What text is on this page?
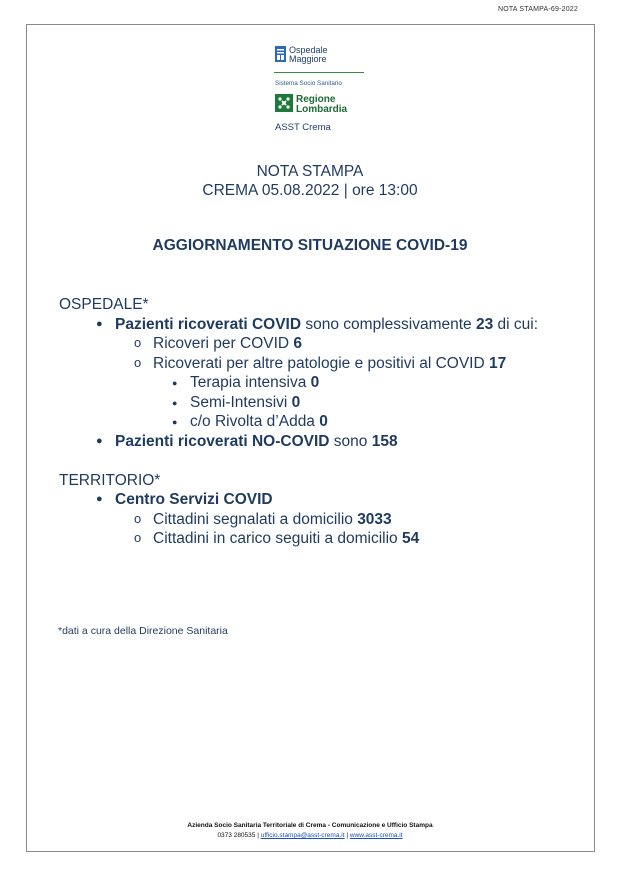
NOTA STAMPA-69-2022
Ospedale
Maggiore
Sistema Socio Sanitario
Regione
Lombardia
ASST Crema
NOTA STAMPA
CREMA 05.08.2022 | ore 13:00
AGGIORNAMENTO SITUAZIONE COVID-19
OSPEDALE*
● Pazienti ricoverati COVID sono complessivamente 23 di cui:
o Ricoveri per COVID 6
o Ricoverati per altre patologie e positivi al COVID 17
● Terapia intensiva 0
● Semi-Intensivi 0
● c/o Rivolta d’Adda 0
● Pazienti ricoverati NO-COVID sono 158
TERRITORIO*
● Centro Servizi COVID
o Cittadini segnalati a domicilio 3033
o Cittadini in carico seguiti a domicilio 54
*dati a cura della Direzione Sanitaria
Azienda Socio Sanitaria Territoriale di Crema - Comunicazione e Ufficio Stampa
0373 280535 | ufficio.stampa@asst-crema.it | www.asst-crema.it
